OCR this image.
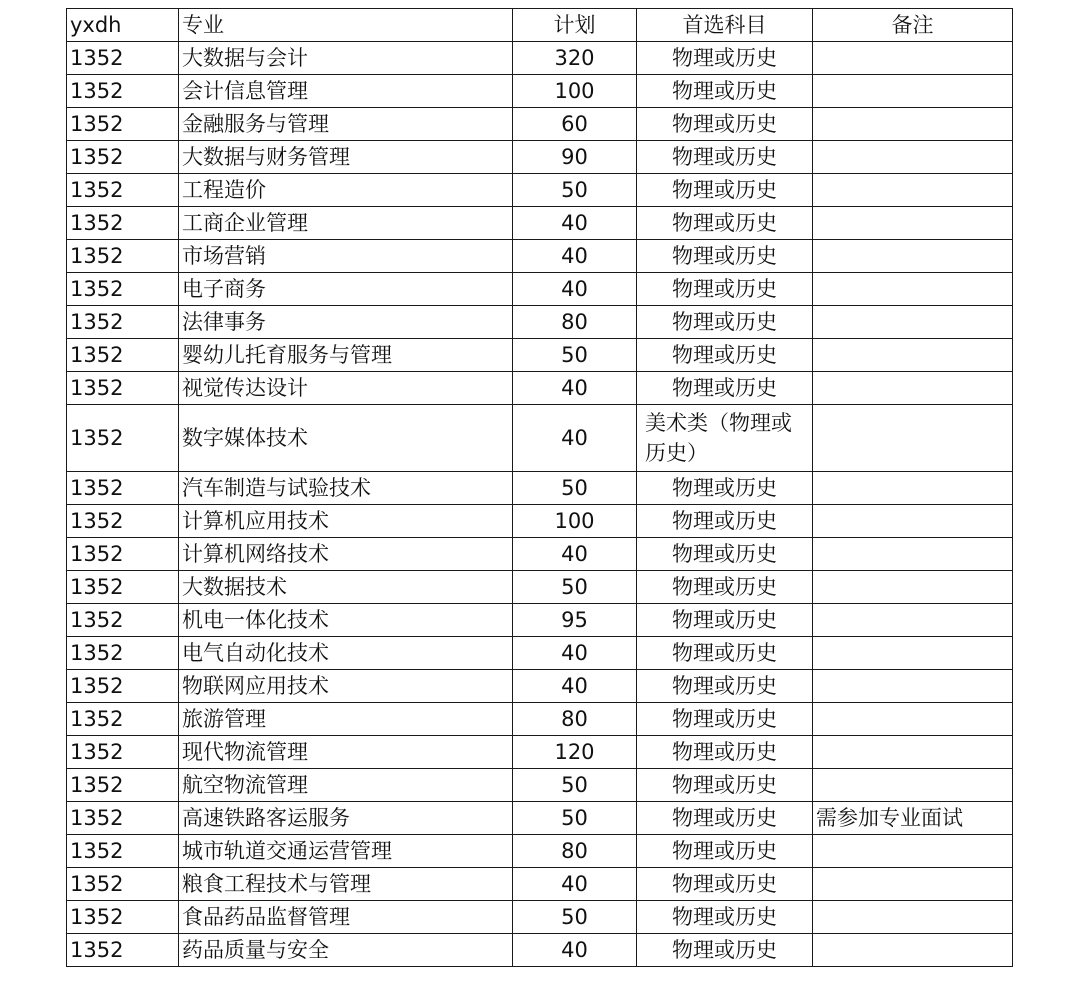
yxdh	专业	计划	首选科目	备注
1352	大数据与会计	320	物理或历史	
1352	会计信息管理	100	物理或历史	
1352	金融服务与管理	60	物理或历史	
1352	大数据与财务管理	90	物理或历史	
1352	工程造价	50	物理或历史	
1352	工商企业管理	40	物理或历史	
1352	市场营销	40	物理或历史	
1352	电子商务	40	物理或历史	
1352	法律事务	80	物理或历史	
1352	婴幼儿托育服务与管理	50	物理或历史	
1352	视觉传达设计	40	物理或历史	
1352	数字媒体技术	40	美术类（物理或历史）	
1352	汽车制造与试验技术	50	物理或历史	
1352	计算机应用技术	100	物理或历史	
1352	计算机网络技术	40	物理或历史	
1352	大数据技术	50	物理或历史	
1352	机电一体化技术	95	物理或历史	
1352	电气自动化技术	40	物理或历史	
1352	物联网应用技术	40	物理或历史	
1352	旅游管理	80	物理或历史	
1352	现代物流管理	120	物理或历史	
1352	航空物流管理	50	物理或历史	
1352	高速铁路客运服务	50	物理或历史	需参加专业面试
1352	城市轨道交通运营管理	80	物理或历史	
1352	粮食工程技术与管理	40	物理或历史	
1352	食品药品监督管理	50	物理或历史	
1352	药品质量与安全	40	物理或历史	
